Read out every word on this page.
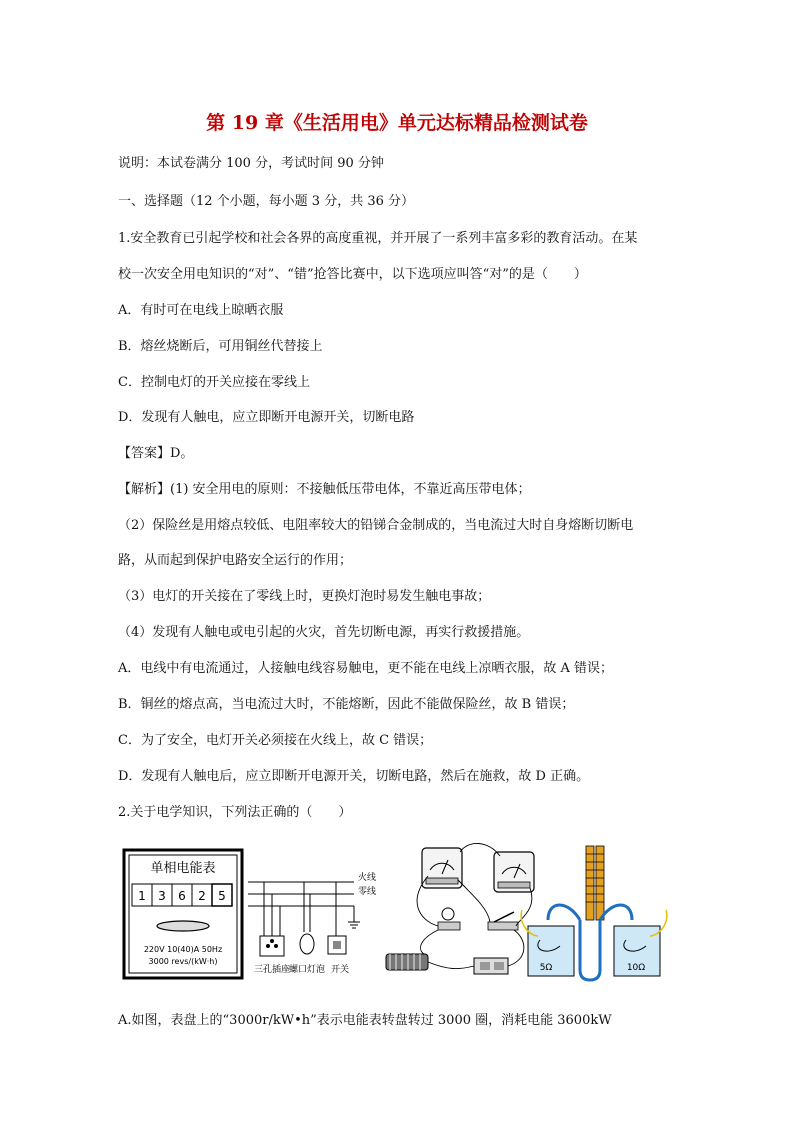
第 19 章《生活用电》单元达标精品检测试卷
说明：本试卷满分 100 分，考试时间 90 分钟
一、选择题（12 个小题，每小题 3 分，共 36 分）
1.安全教育已引起学校和社会各界的高度重视，并开展了一系列丰富多彩的教育活动。在某
校一次安全用电知识的“对”、“错”抢答比赛中，以下选项应叫答“对”的是（　　）
A．有时可在电线上晾晒衣服
B．熔丝烧断后，可用铜丝代替接上
C．控制电灯的开关应接在零线上
D．发现有人触电，应立即断开电源开关，切断电路
【答案】D。
【解析】(1) 安全用电的原则：不接触低压带电体，不靠近高压带电体；
（2）保险丝是用熔点较低、电阻率较大的铅锑合金制成的，当电流过大时自身熔断切断电
路，从而起到保护电路安全运行的作用；
（3）电灯的开关接在了零线上时，更换灯泡时易发生触电事故；
（4）发现有人触电或电引起的火灾，首先切断电源，再实行救援措施。
A．电线中有电流通过，人接触电线容易触电，更不能在电线上凉晒衣服，故 A 错误；
B．铜丝的熔点高，当电流过大时，不能熔断，因此不能做保险丝，故 B 错误；
C．为了安全，电灯开关必须接在火线上，故 C 错误；
D．发现有人触电后，应立即断开电源开关，切断电路，然后在施救，故 D 正确。
2.关于电学知识，下列法正确的（　　）
单相电能表
1 3 6 2 5
220V 10(40)A 50Hz
3000 revs/(kW·h)
火线
零线
三孔插座
螺口灯泡 开关	5Ω	10Ω
A.如图，表盘上的“3000r/kW•h”表示电能表转盘转过 3000 圈，消耗电能 3600kW
